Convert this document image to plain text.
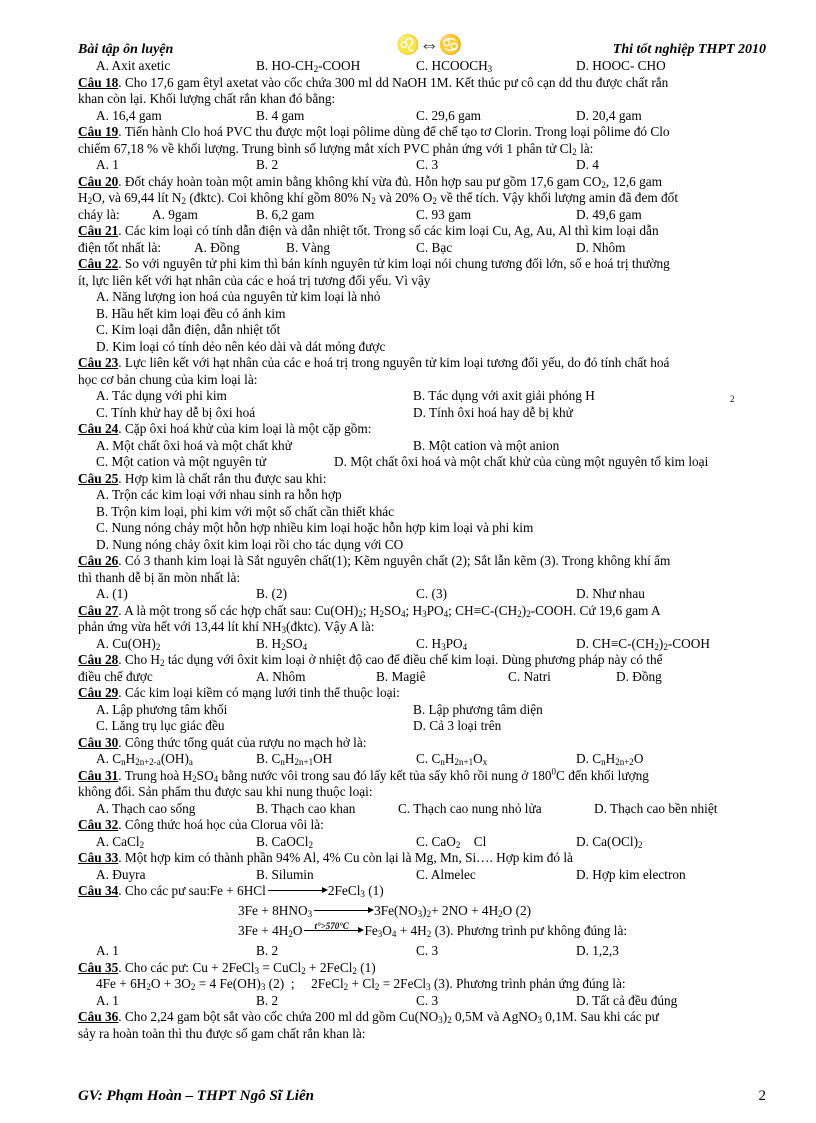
Bài tập ôn luyện	♌⇔♋	Thi tốt nghiệp THPT 2010
A. Axit axetic	B. $HO-CH_2$-COOH	C. $HCOOCH_3$	D. HOOC- CHO
Câu 18. Cho 17,6 gam êtyl axetat vào cốc chứa 300 ml dd NaOH 1M. Kết thúc pư cô cạn dd thu được chất rắn
khan còn lại. Khối lượng chất rắn khan đó bằng:
A. 16,4 gam	B. 4 gam	C. 29,6 gam	D. 20,4 gam
Câu 19. Tiến hành Clo hoá PVC thu được một loại pôlime dùng để chế tạo tơ Clorin. Trong loại pôlime đó Clo
chiếm 67,18 % về khối lượng. Trung bình số lượng mắt xích PVC phản ứng với 1 phân tử $Cl_2$ là:
A. 1	B. 2	C. 3	D. 4
Câu 20. Đốt cháy hoàn toàn một amin bằng không khí vừa đủ. Hỗn hợp sau pư gồm 17,6 gam $CO_2$, 12,6 gam
$H_2O$, và 69,44 lít $N_2$ (đktc). Coi không khí gồm 80% $N_2$ và 20% $O_2$ về thể tích. Vậy khối lượng amin đã đem đốt
cháy là:	A. 9gam	B. 6,2 gam	C. 93 gam	D. 49,6 gam
Câu 21. Các kim loại có tính dẫn điện và dẫn nhiệt tốt. Trong số các kim loại Cu, Ag, Au, Al thì kim loại dẫn
điện tốt nhất là:	A. Đồng	B. Vàng	C. Bạc	D. Nhôm
Câu 22. So với nguyên tử phi kim thì bán kính nguyên tử kim loại nói chung tương đối lớn, số e hoá trị thường
ít, lực liên kết với hạt nhân của các e hoá trị tương đối yếu. Vì vậy
A. Năng lượng ion hoá của nguyên tử kim loại là nhỏ
B. Hầu hết kim loại đều có ánh kim
C. Kim loại dẫn điện, dẫn nhiệt tốt
D. Kim loại có tính dẻo nên kéo dài và dát mỏng được
Câu 23. Lực liên kết với hạt nhân của các e hoá trị trong nguyên tử kim loại tương đối yếu, do đó tính chất hoá
học cơ bản chung của kim loại là:
A. Tác dụng với phi kim	B. Tác dụng với axit giải phóng H	$_2$
C. Tính khử hay dễ bị ôxi hoá	D. Tính ôxi hoá hay dễ bị khử
Câu 24. Cặp ôxi hoá khử của kim loại là một cặp gồm:
A. Một chất ôxi hoá và một chất khử	B. Một cation và một anion
C. Một cation và một nguyên tử	D. Một chất ôxi hoá và một chất khử của cùng một nguyên tố kim loại
Câu 25. Hợp kim là chất rắn thu được sau khi:
A. Trộn các kim loại với nhau sinh ra hỗn hợp
B. Trộn kim loại, phi kim với một số chất cần thiết khác
C. Nung nóng chảy một hỗn hợp nhiều kim loại hoặc hỗn hợp kim loại và phi kim
D. Nung nóng chảy ôxit kim loại rồi cho tác dụng với CO
Câu 26. Có 3 thanh kim loại là Sắt nguyên chất(1); Kẽm nguyên chất (2); Sắt lẫn kẽm (3). Trong không khí ẩm
thì thanh dễ bị ăn mòn nhất là:
A. (1)	B. (2)	C. (3)	D. Như nhau
Câu 27. A là một trong số các hợp chất sau: $Cu(OH)_2$; $H_2SO_4$; $H_3PO_4$; $CH\equiv C-(CH_2)_2$-COOH. Cứ 19,6 gam A
phản ứng vừa hết với 13,44 lít khí $NH_3(đktc)$. Vậy A là:
A. $Cu(OH)_2$	B. $H_2SO_4$	C. $H_3PO_4$	D. $CH\equiv C-(CH_2)_2$-COOH
Câu 28. Cho $H_2$ tác dụng với ôxit kim loại ở nhiệt độ cao để điều chế kim loại. Dùng phương pháp này có thể
điều chế được	A. Nhôm	B. Magiê	C. Natri	D. Đồng
Câu 29. Các kim loại kiềm có mạng lưới tinh thể thuộc loại:
A. Lập phương tâm khối	B. Lập phương tâm diện
C. Lăng trụ lục giác đều	D. Cả 3 loại trên
Câu 30. Công thức tổng quát của rượu no mạch hở là:
A. $C_nH_{2n+2-a}(OH)_a$	B. $C_nH_{2n+1}OH$	C. $C_nH_{2n+1}O_x$	D. $C_nH_{2n+2}O$
Câu 31. Trung hoà $H_2SO_4$ bằng nước vôi trong sau đó lấy kết tủa sấy khô rồi nung ở $180^0C$ đến khối lượng
không đổi. Sản phẩm thu được sau khi nung thuộc loại:
A. Thạch cao sống	B. Thạch cao khan	C. Thạch cao nung nhỏ lửa	D. Thạch cao bền nhiệt
Câu 32. Công thức hoá học của Clorua vôi là:
A. CaCl$_2$	B. CaOCl$_2$	C. CaO$_2$    Cl	D. $Ca(OCl)_2$
Câu 33. Một hợp kim có thành phần 94% Al, 4% Cu còn lại là Mg, Mn, Si…. Hợp kim đó là
A. Đuyra	B. Silumin	C. Almelec	D. Hợp kim electron
Câu 34. Cho các pư sau: Fe + 6HCl	2FeCl$_3$ (1)
$3Fe + 8HNO_3$	$3Fe(NO_3)_2+ 2NO + 4H_2O$ (2)
$3Fe + 4H_2O$ t°>570°C $Fe_3O_4 + 4H_2$ (3). Phương trình pư không đúng là:
A. 1	B. 2	C. 3	D. 1,2,3
Câu 35. Cho các pư: Cu + 2FeCl$_3$ = CuCl$_2$ + 2FeCl$_2$ (1)
$4Fe + 6H_2O + 3O_2 = 4$ $Fe(OH)_3$ (2)  ;     2FeCl$_2$ + $Cl_2$ = 2FeCl$_3$ (3). Phương trình phản ứng đúng là:
A. 1	B. 2	C. 3	D. Tất cả đều đúng
Câu 36. Cho 2,24 gam bột sắt vào cốc chứa 200 ml dd gồm $Cu(NO_3)_2$ 0,5M và AgNO$_3$ 0,1M. Sau khi các pư
sảy ra hoàn toàn thì thu được số gam chất rắn khan là:
GV: Phạm Hoàn – THPT Ngô Sĩ Liên	2
